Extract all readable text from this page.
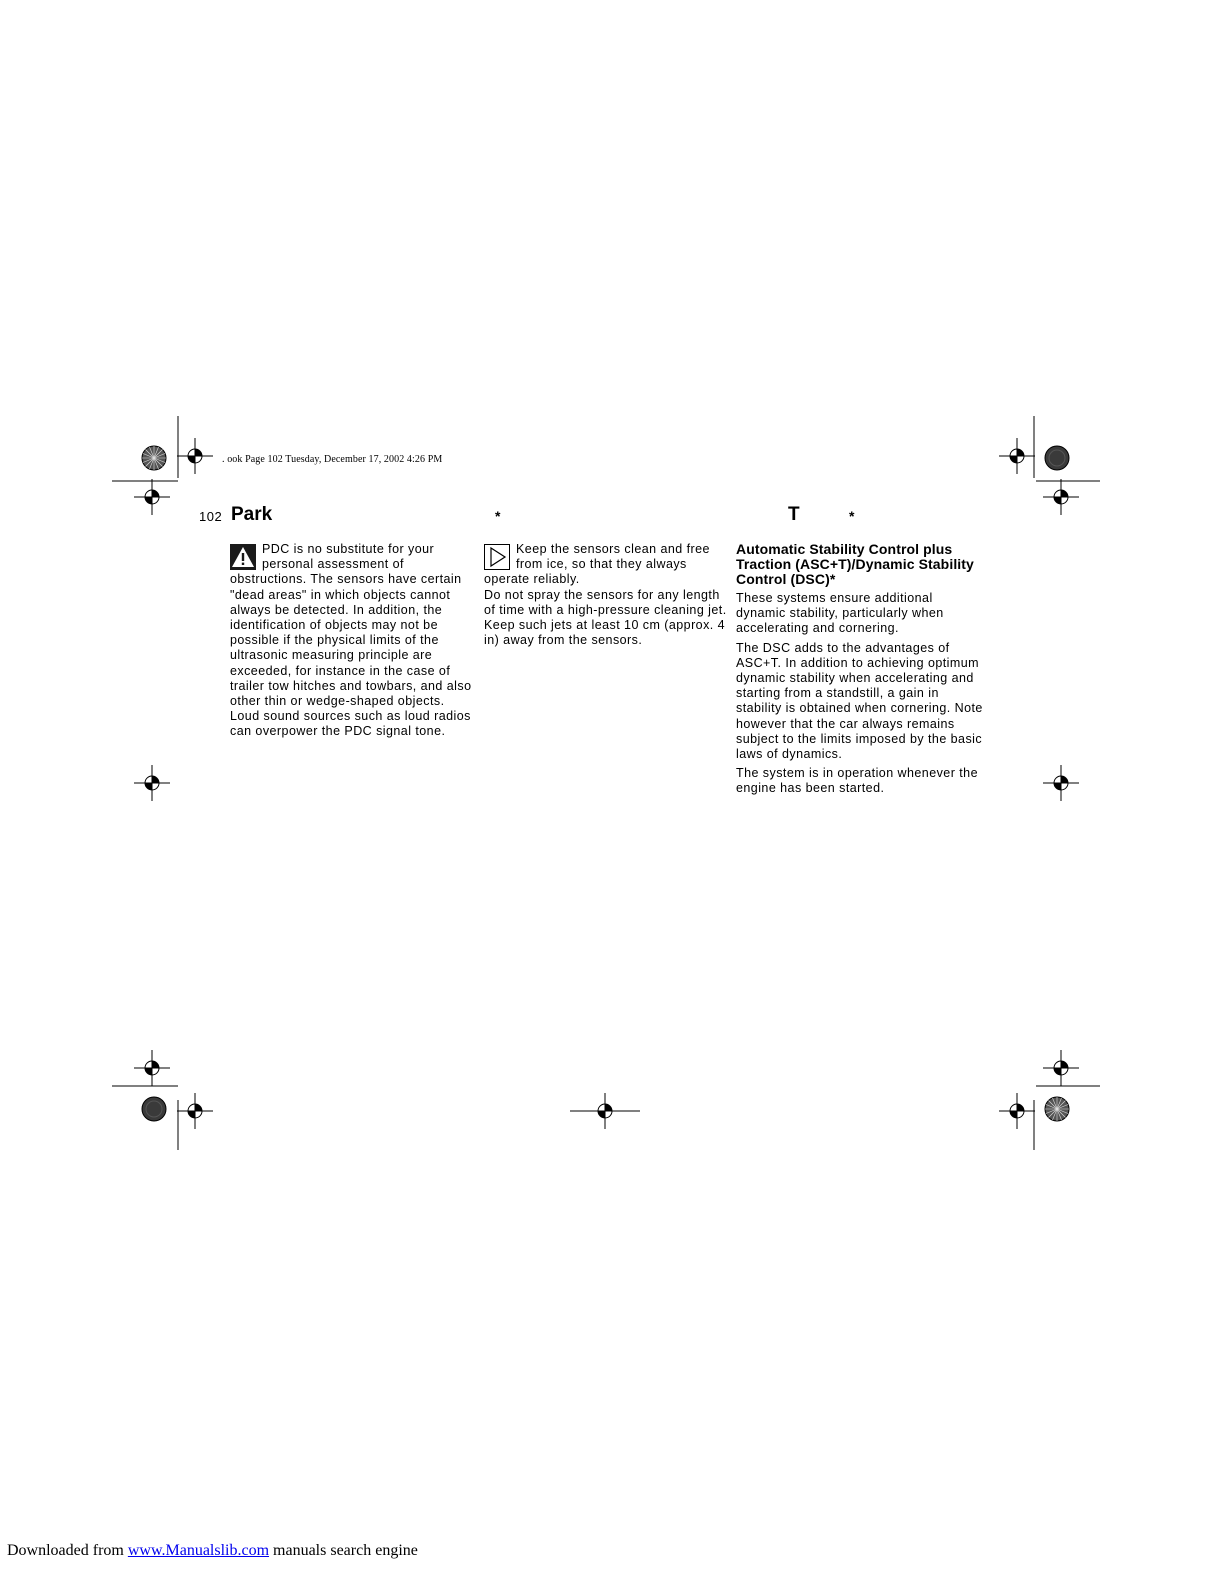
. ook Page 102 Tuesday, December 17, 2002 4:26 PM
102 Park	*	T	*

PDC is no substitute for your personal assessment of obstructions. The sensors have certain "dead areas" in which objects cannot always be detected. In addition, the identification of objects may not be possible if the physical limits of the ultrasonic measuring principle are exceeded, for instance in the case of trailer tow hitches and towbars, and also other thin or wedge-shaped objects.

Loud sound sources such as loud radios can overpower the PDC signal tone.

Keep the sensors clean and free from ice, so that they always operate reliably.

Do not spray the sensors for any length of time with a high-pressure cleaning jet. Keep such jets at least 10 cm (approx. 4 in) away from the sensors.

Automatic Stability Control plus Traction (ASC+T)/Dynamic Stability Control (DSC)*

These systems ensure additional dynamic stability, particularly when accelerating and cornering.

The DSC adds to the advantages of ASC+T. In addition to achieving optimum dynamic stability when accelerating and starting from a standstill, a gain in stability is obtained when cornering. Note however that the car always remains subject to the limits imposed by the basic laws of dynamics.

The system is in operation whenever the engine has been started.

Downloaded from www.Manualslib.com manuals search engine
